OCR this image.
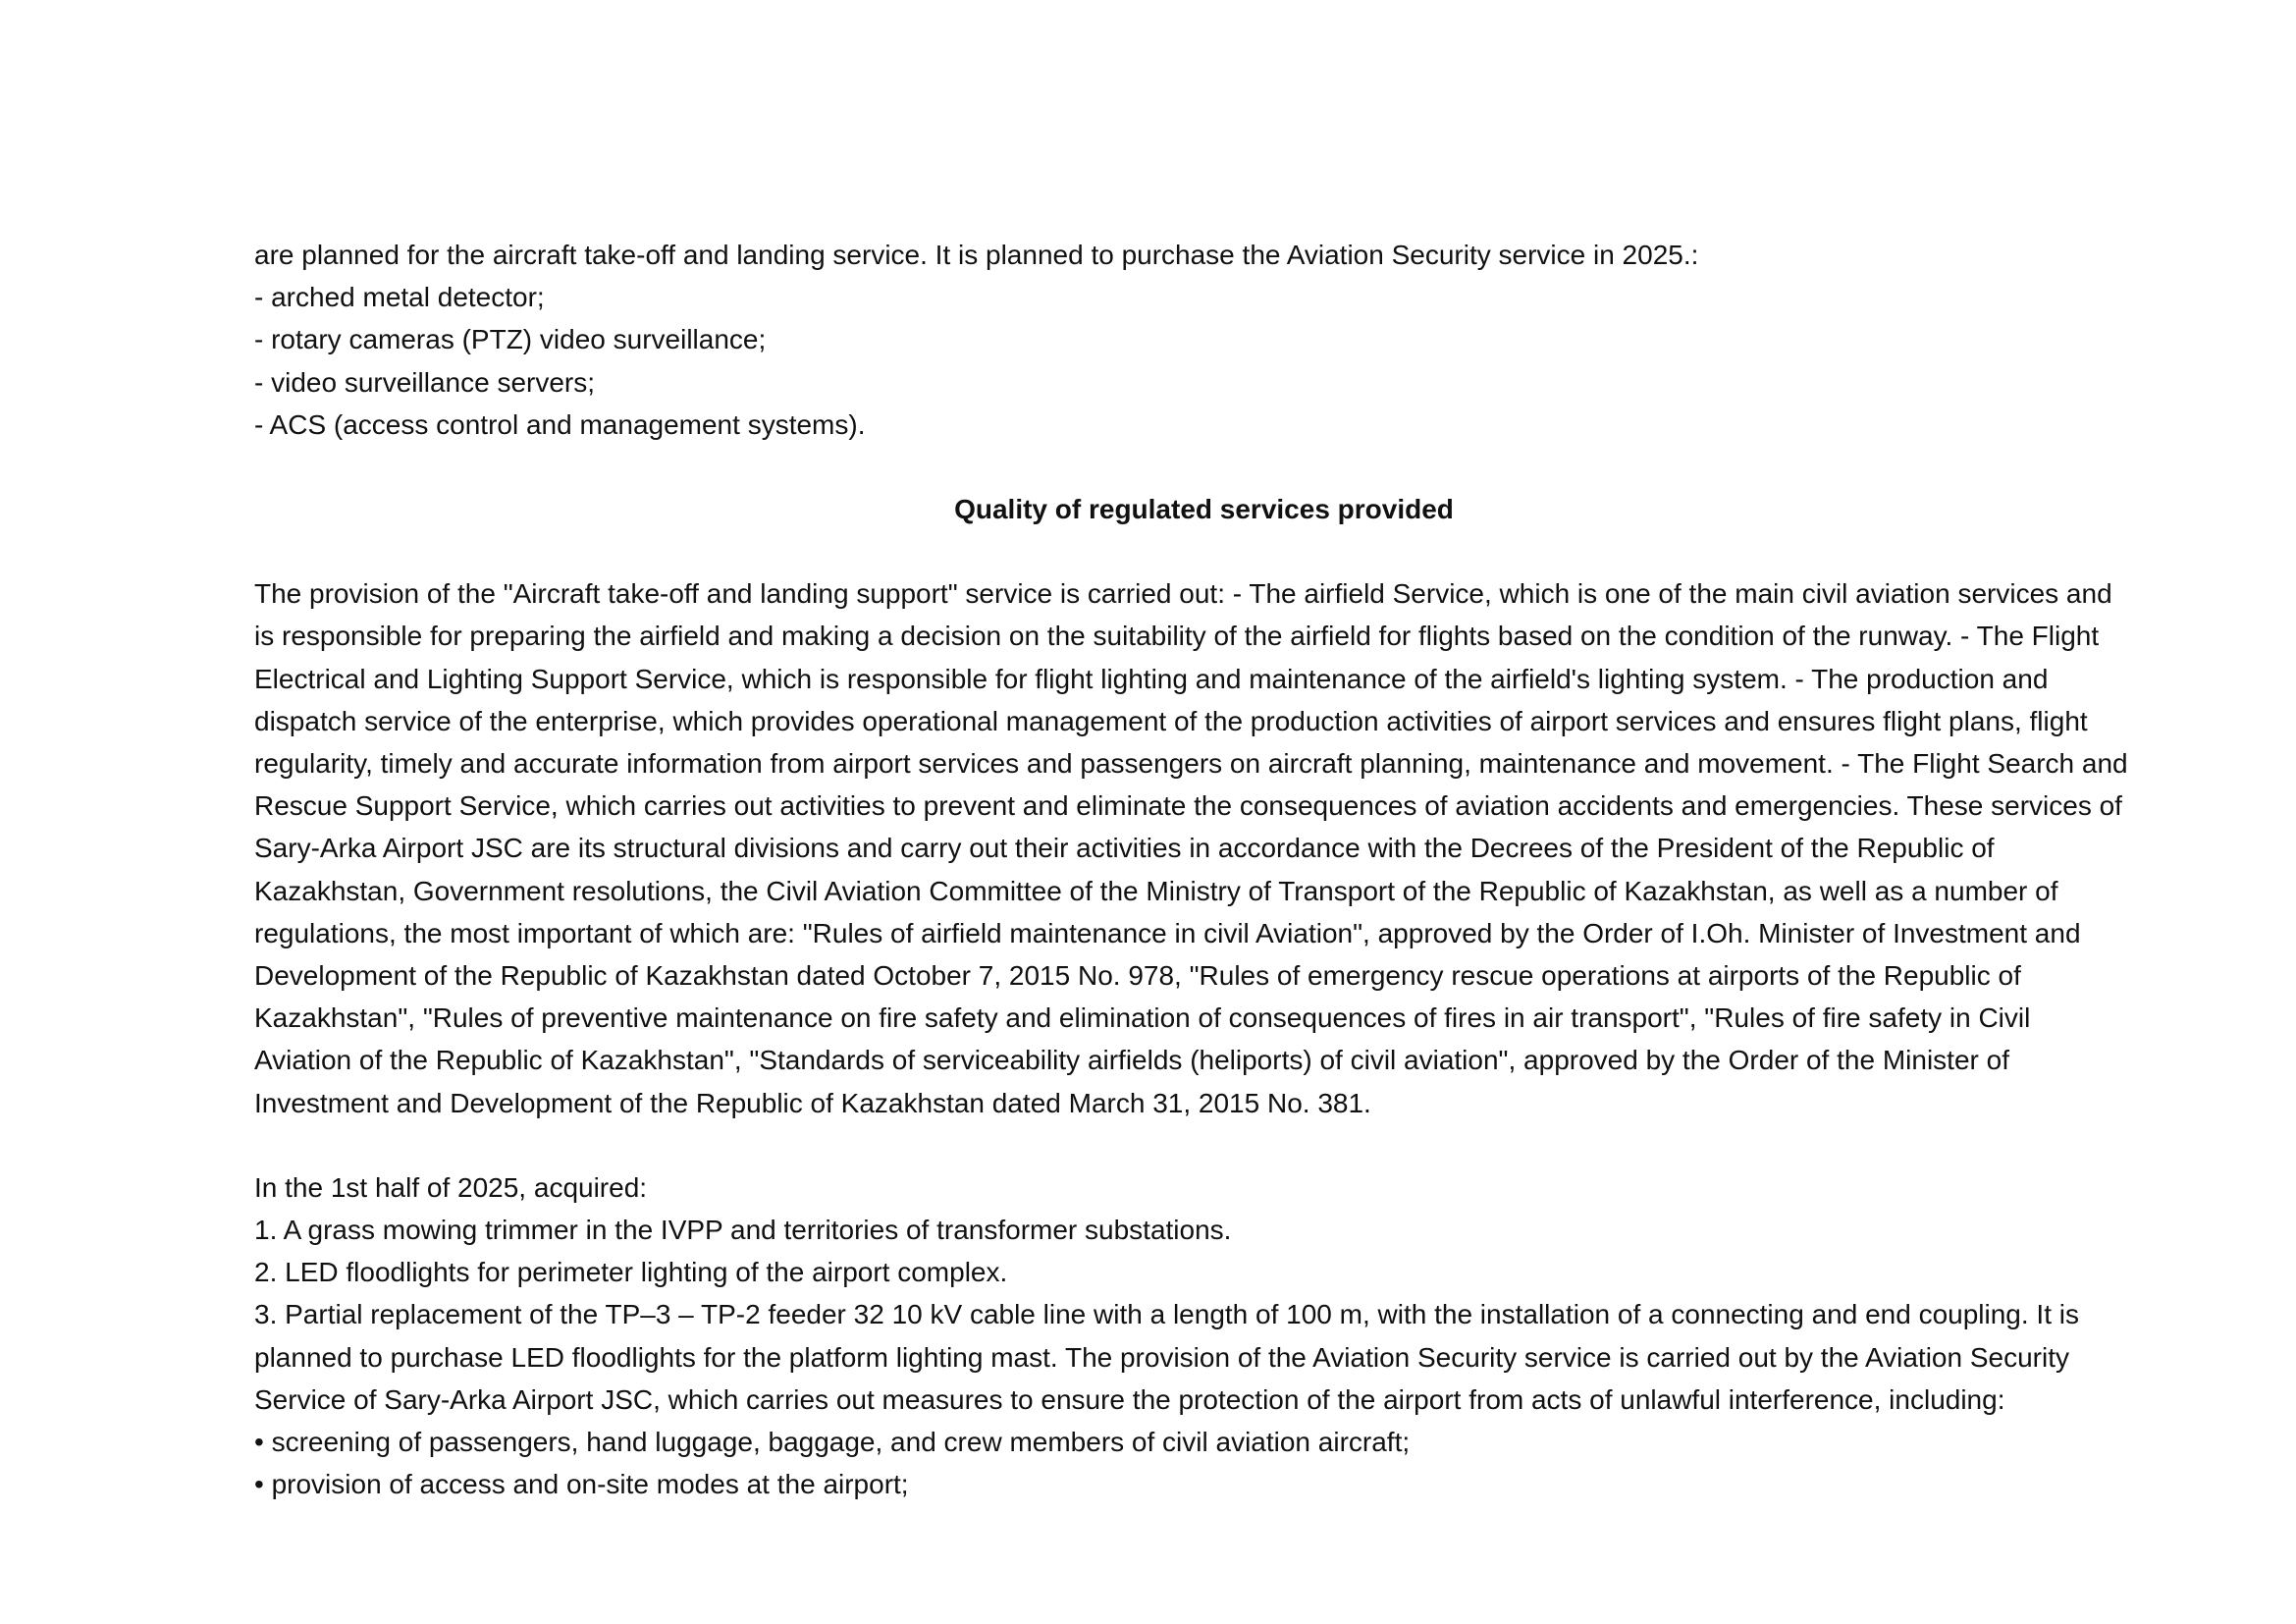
are planned for the aircraft take-off and landing service. It is planned to purchase the Aviation Security service in 2025.:

- arched metal detector;

- rotary cameras (PTZ) video surveillance;

- video surveillance servers;

- ACS (access control and management systems).

Quality of regulated services provided

The provision of the "Aircraft take-off and landing support" service is carried out: - The airfield Service, which is one of the main civil aviation services and

is responsible for preparing the airfield and making a decision on the suitability of the airfield for flights based on the condition of the runway. - The Flight

Electrical and Lighting Support Service, which is responsible for flight lighting and maintenance of the airfield's lighting system. - The production and

dispatch service of the enterprise, which provides operational management of the production activities of airport services and ensures flight plans, flight

regularity, timely and accurate information from airport services and passengers on aircraft planning, maintenance and movement. - The Flight Search and

Rescue Support Service, which carries out activities to prevent and eliminate the consequences of aviation accidents and emergencies. These services of

Sary-Arka Airport JSC are its structural divisions and carry out their activities in accordance with the Decrees of the President of the Republic of

Kazakhstan, Government resolutions, the Civil Aviation Committee of the Ministry of Transport of the Republic of Kazakhstan, as well as a number of

regulations, the most important of which are: "Rules of airfield maintenance in civil Aviation", approved by the Order of I.Oh. Minister of Investment and

Development of the Republic of Kazakhstan dated October 7, 2015 No. 978, "Rules of emergency rescue operations at airports of the Republic of

Kazakhstan", "Rules of preventive maintenance on fire safety and elimination of consequences of fires in air transport", "Rules of fire safety in Civil

Aviation of the Republic of Kazakhstan", "Standards of serviceability airfields (heliports) of civil aviation", approved by the Order of the Minister of

Investment and Development of the Republic of Kazakhstan dated March 31, 2015 No. 381.

In the 1st half of 2025, acquired:

1. A grass mowing trimmer in the IVPP and territories of transformer substations.

2. LED floodlights for perimeter lighting of the airport complex.

3. Partial replacement of the TP–3 – TP-2 feeder 32 10 kV cable line with a length of 100 m, with the installation of a connecting and end coupling. It is

planned to purchase LED floodlights for the platform lighting mast. The provision of the Aviation Security service is carried out by the Aviation Security

Service of Sary-Arka Airport JSC, which carries out measures to ensure the protection of the airport from acts of unlawful interference, including:

• screening of passengers, hand luggage, baggage, and crew members of civil aviation aircraft;

• provision of access and on-site modes at the airport;
